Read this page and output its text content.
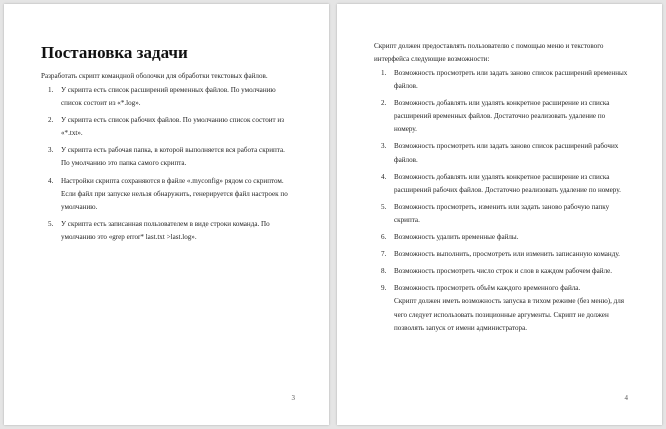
Постановка задачи

Разработать скрипт командной оболочки для обработки текстовых файлов.

1. У скрипта есть список расширений временных файлов. По умолчанию список состоит из «*.log».
2. У скрипта есть список рабочих файлов. По умолчанию список состоит из «*.txt».
3. У скрипта есть рабочая папка, в которой выполняется вся работа скрипта. По умолчанию это папка самого скрипта.
4. Настройки скрипта сохраняются в файле «.myconfig» рядом со скриптом. Если файл при запуске нельзя обнаружить, генерируется файл настроек по умолчанию.
5. У скрипта есть записанная пользователем в виде строки команда. По умолчанию это «grep error* last.txt >last.log».
3

Скрипт должен предоставлять пользователю с помощью меню и текстового интерфейса следующие возможности:

1. Возможность просмотреть или задать заново список расширений временных файлов.
2. Возможность добавлять или удалять конкретное расширение из списка расширений временных файлов. Достаточно реализовать удаление по номеру.
3. Возможность просмотреть или задать заново список расширений рабочих файлов.
4. Возможность добавлять или удалять конкретное расширение из списка расширений рабочих файлов. Достаточно реализовать удаление по номеру.
5. Возможность просмотреть, изменить или задать заново рабочую папку скрипта.
6. Возможность удалить временные файлы.
7. Возможность выполнить, просмотреть или изменить записанную команду.
8. Возможность просмотреть число строк и слов в каждом рабочем файле.
9. Возможность просмотреть объём каждого временного файла.
Скрипт должен иметь возможность запуска в тихом режиме (без меню), для чего следует использовать позиционные аргументы. Скрипт не должен позволять запуск от имени администратора.
4
